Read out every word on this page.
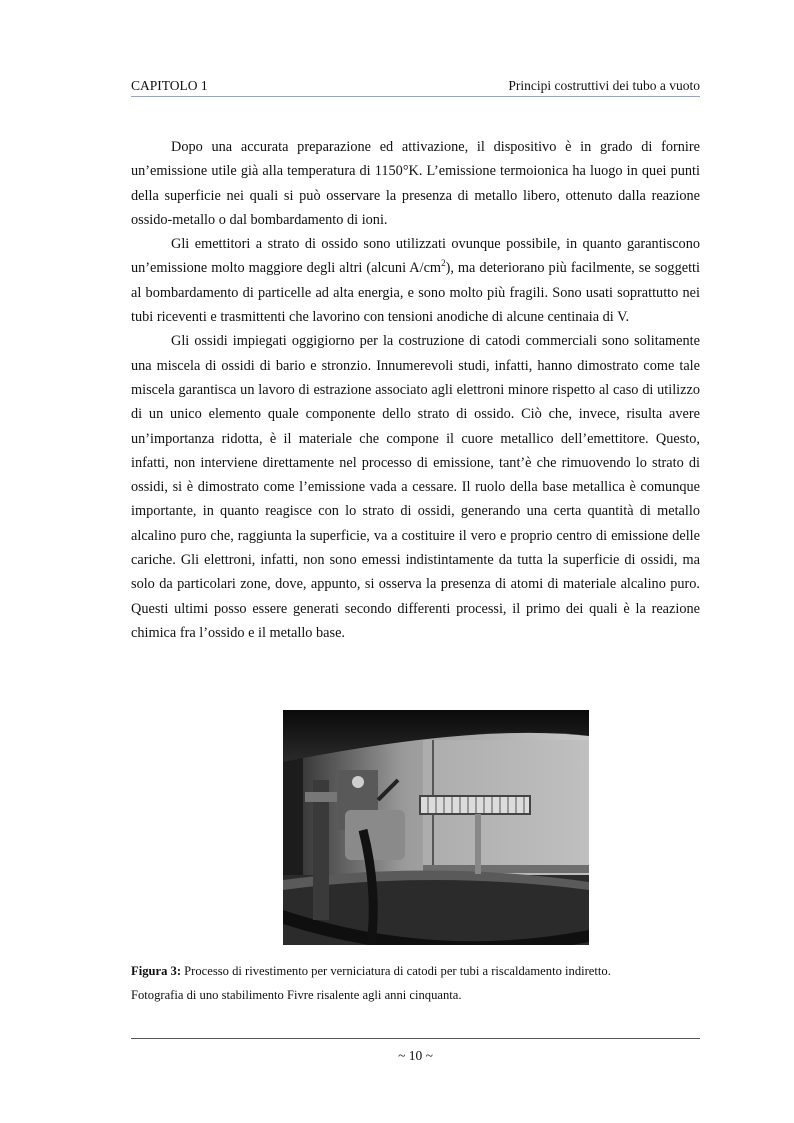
CAPITOLO 1	Principi costruttivi dei tubo a vuoto

Dopo una accurata preparazione ed attivazione, il dispositivo è in grado di fornire un’emissione utile già alla temperatura di 1150°K. L’emissione termoionica ha luogo in quei punti della superficie nei quali si può osservare la presenza di metallo libero, ottenuto dalla reazione ossido-metallo o dal bombardamento di ioni.

Gli emettitori a strato di ossido sono utilizzati ovunque possibile, in quanto garantiscono un’emissione molto maggiore degli altri (alcuni $A/cm^2$), ma deteriorano più facilmente, se soggetti al bombardamento di particelle ad alta energia, e sono molto più fragili. Sono usati soprattutto nei tubi riceventi e trasmittenti che lavorino con tensioni anodiche di alcune centinaia di V.

Gli ossidi impiegati oggigiorno per la costruzione di catodi commerciali sono solitamente una miscela di ossidi di bario e stronzio. Innumerevoli studi, infatti, hanno dimostrato come tale miscela garantisca un lavoro di estrazione associato agli elettroni minore rispetto al caso di utilizzo di un unico elemento quale componente dello strato di ossido. Ciò che, invece, risulta avere un’importanza ridotta, è il materiale che compone il cuore metallico dell’emettitore. Questo, infatti, non interviene direttamente nel processo di emissione, tant’è che rimuovendo lo strato di ossidi, si è dimostrato come l’emissione vada a cessare. Il ruolo della base metallica è comunque importante, in quanto reagisce con lo strato di ossidi, generando una certa quantità di metallo alcalino puro che, raggiunta la superficie, va a costituire il vero e proprio centro di emissione delle cariche. Gli elettroni, infatti, non sono emessi indistintamente da tutta la superficie di ossidi, ma solo da particolari zone, dove, appunto, si osserva la presenza di atomi di materiale alcalino puro. Questi ultimi posso essere generati secondo differenti processi, il primo dei quali è la reazione chimica fra l’ossido e il metallo base.

Figura 3: Processo di rivestimento per verniciatura di catodi per tubi a riscaldamento indiretto.
Fotografia di uno stabilimento Fivre risalente agli anni cinquanta.
~ 10 ~
